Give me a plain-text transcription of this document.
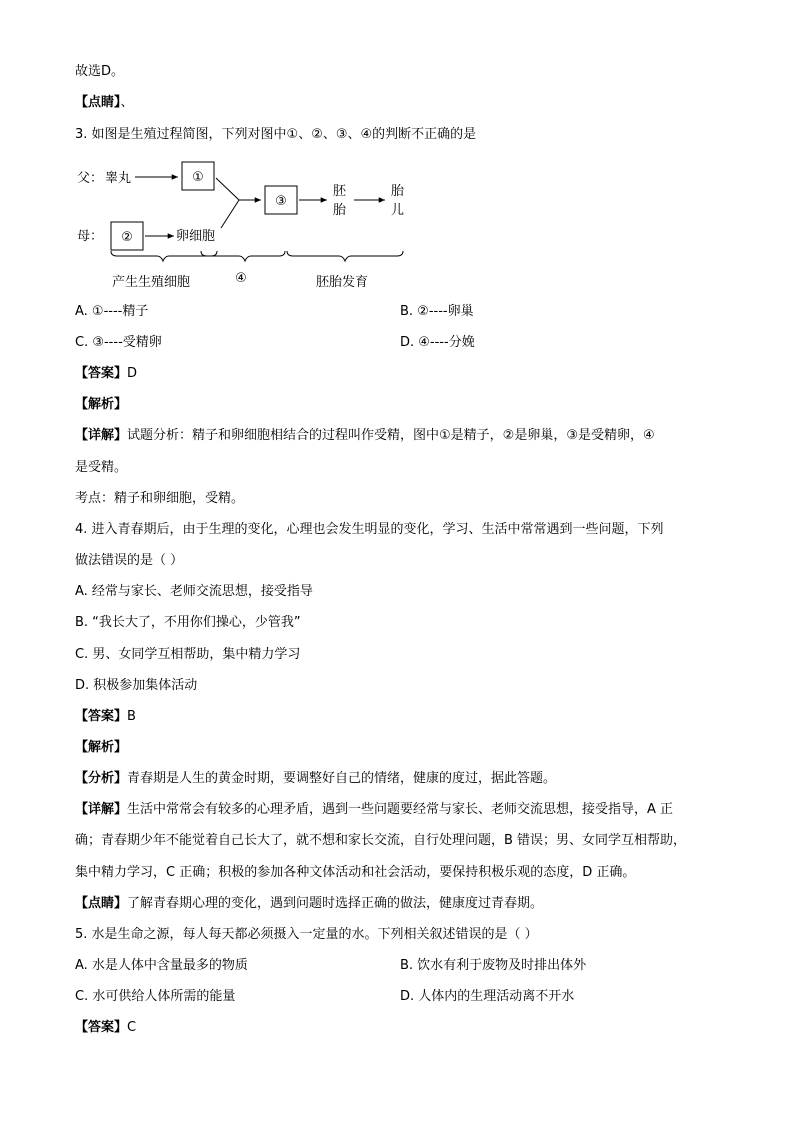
故选D。

【点睛】、

3. 如图是生殖过程简图，下列对图中①、②、③、④的判断不正确的是

父： 睾丸	①
母： ②	卵细胞
③
胚
胎
胎
儿
产生生殖细胞	④	胚胎发育

A. ①----精子	B. ②----卵巢

C. ③----受精卵	D. ④----分娩

【答案】D

【解析】

【详解】试题分析：精子和卵细胞相结合的过程叫作受精，图中①是精子，②是卵巢，③是受精卵，④

是受精。

考点：精子和卵细胞，受精。

4. 进入青春期后，由于生理的变化，心理也会发生明显的变化，学习、生活中常常遇到一些问题，下列

做法错误的是（ ）

A. 经常与家长、老师交流思想，接受指导

B. “我长大了，不用你们操心，少管我”

C. 男、女同学互相帮助，集中精力学习

D. 积极参加集体活动

【答案】B

【解析】

【分析】青春期是人生的黄金时期，要调整好自己的情绪，健康的度过，据此答题。

【详解】生活中常常会有较多的心理矛盾，遇到一些问题要经常与家长、老师交流思想，接受指导，A 正

确；青春期少年不能觉着自己长大了，就不想和家长交流，自行处理问题，B 错误；男、女同学互相帮助，

集中精力学习，C 正确；积极的参加各种文体活动和社会活动，要保持积极乐观的态度，D 正确。

【点睛】了解青春期心理的变化，遇到问题时选择正确的做法，健康度过青春期。

5. 水是生命之源，每人每天都必须摄入一定量的水。下列相关叙述错误的是（ ）

A. 水是人体中含量最多的物质	B. 饮水有利于废物及时排出体外

C. 水可供给人体所需的能量	D. 人体内的生理活动离不开水

【答案】C
